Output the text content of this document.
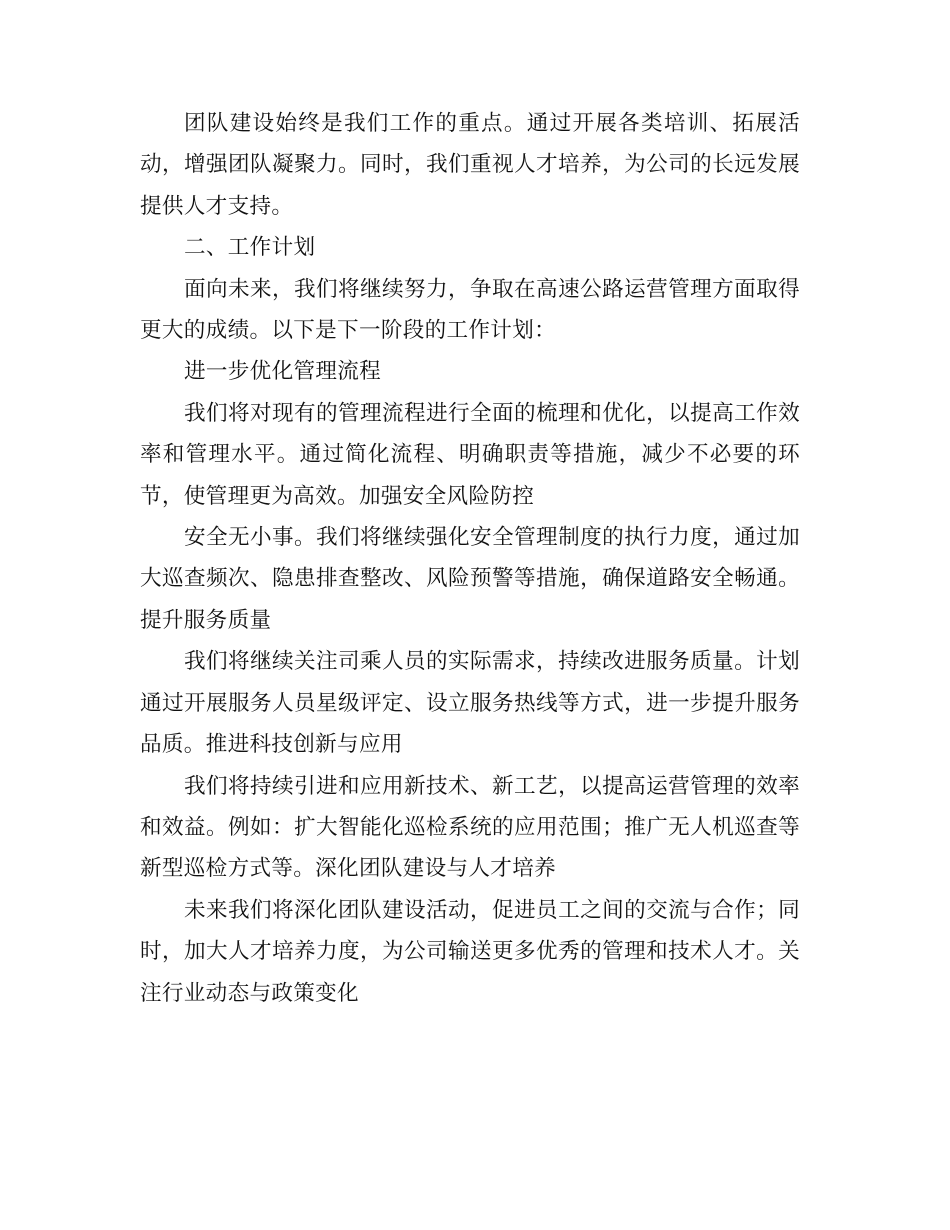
团队建设始终是我们工作的重点。通过开展各类培训、拓展活动，增强团队凝聚力。同时，我们重视人才培养，为公司的长远发展提供人才支持。

二、工作计划

面向未来，我们将继续努力，争取在高速公路运营管理方面取得更大的成绩。以下是下一阶段的工作计划：

进一步优化管理流程

我们将对现有的管理流程进行全面的梳理和优化，以提高工作效率和管理水平。通过简化流程、明确职责等措施，减少不必要的环节，使管理更为高效。加强安全风险防控

安全无小事。我们将继续强化安全管理制度的执行力度，通过加大巡查频次、隐患排查整改、风险预警等措施，确保道路安全畅通。提升服务质量

我们将继续关注司乘人员的实际需求，持续改进服务质量。计划通过开展服务人员星级评定、设立服务热线等方式，进一步提升服务品质。推进科技创新与应用

我们将持续引进和应用新技术、新工艺，以提高运营管理的效率和效益。例如：扩大智能化巡检系统的应用范围；推广无人机巡查等新型巡检方式等。深化团队建设与人才培养

未来我们将深化团队建设活动，促进员工之间的交流与合作；同时，加大人才培养力度，为公司输送更多优秀的管理和技术人才。关注行业动态与政策变化
